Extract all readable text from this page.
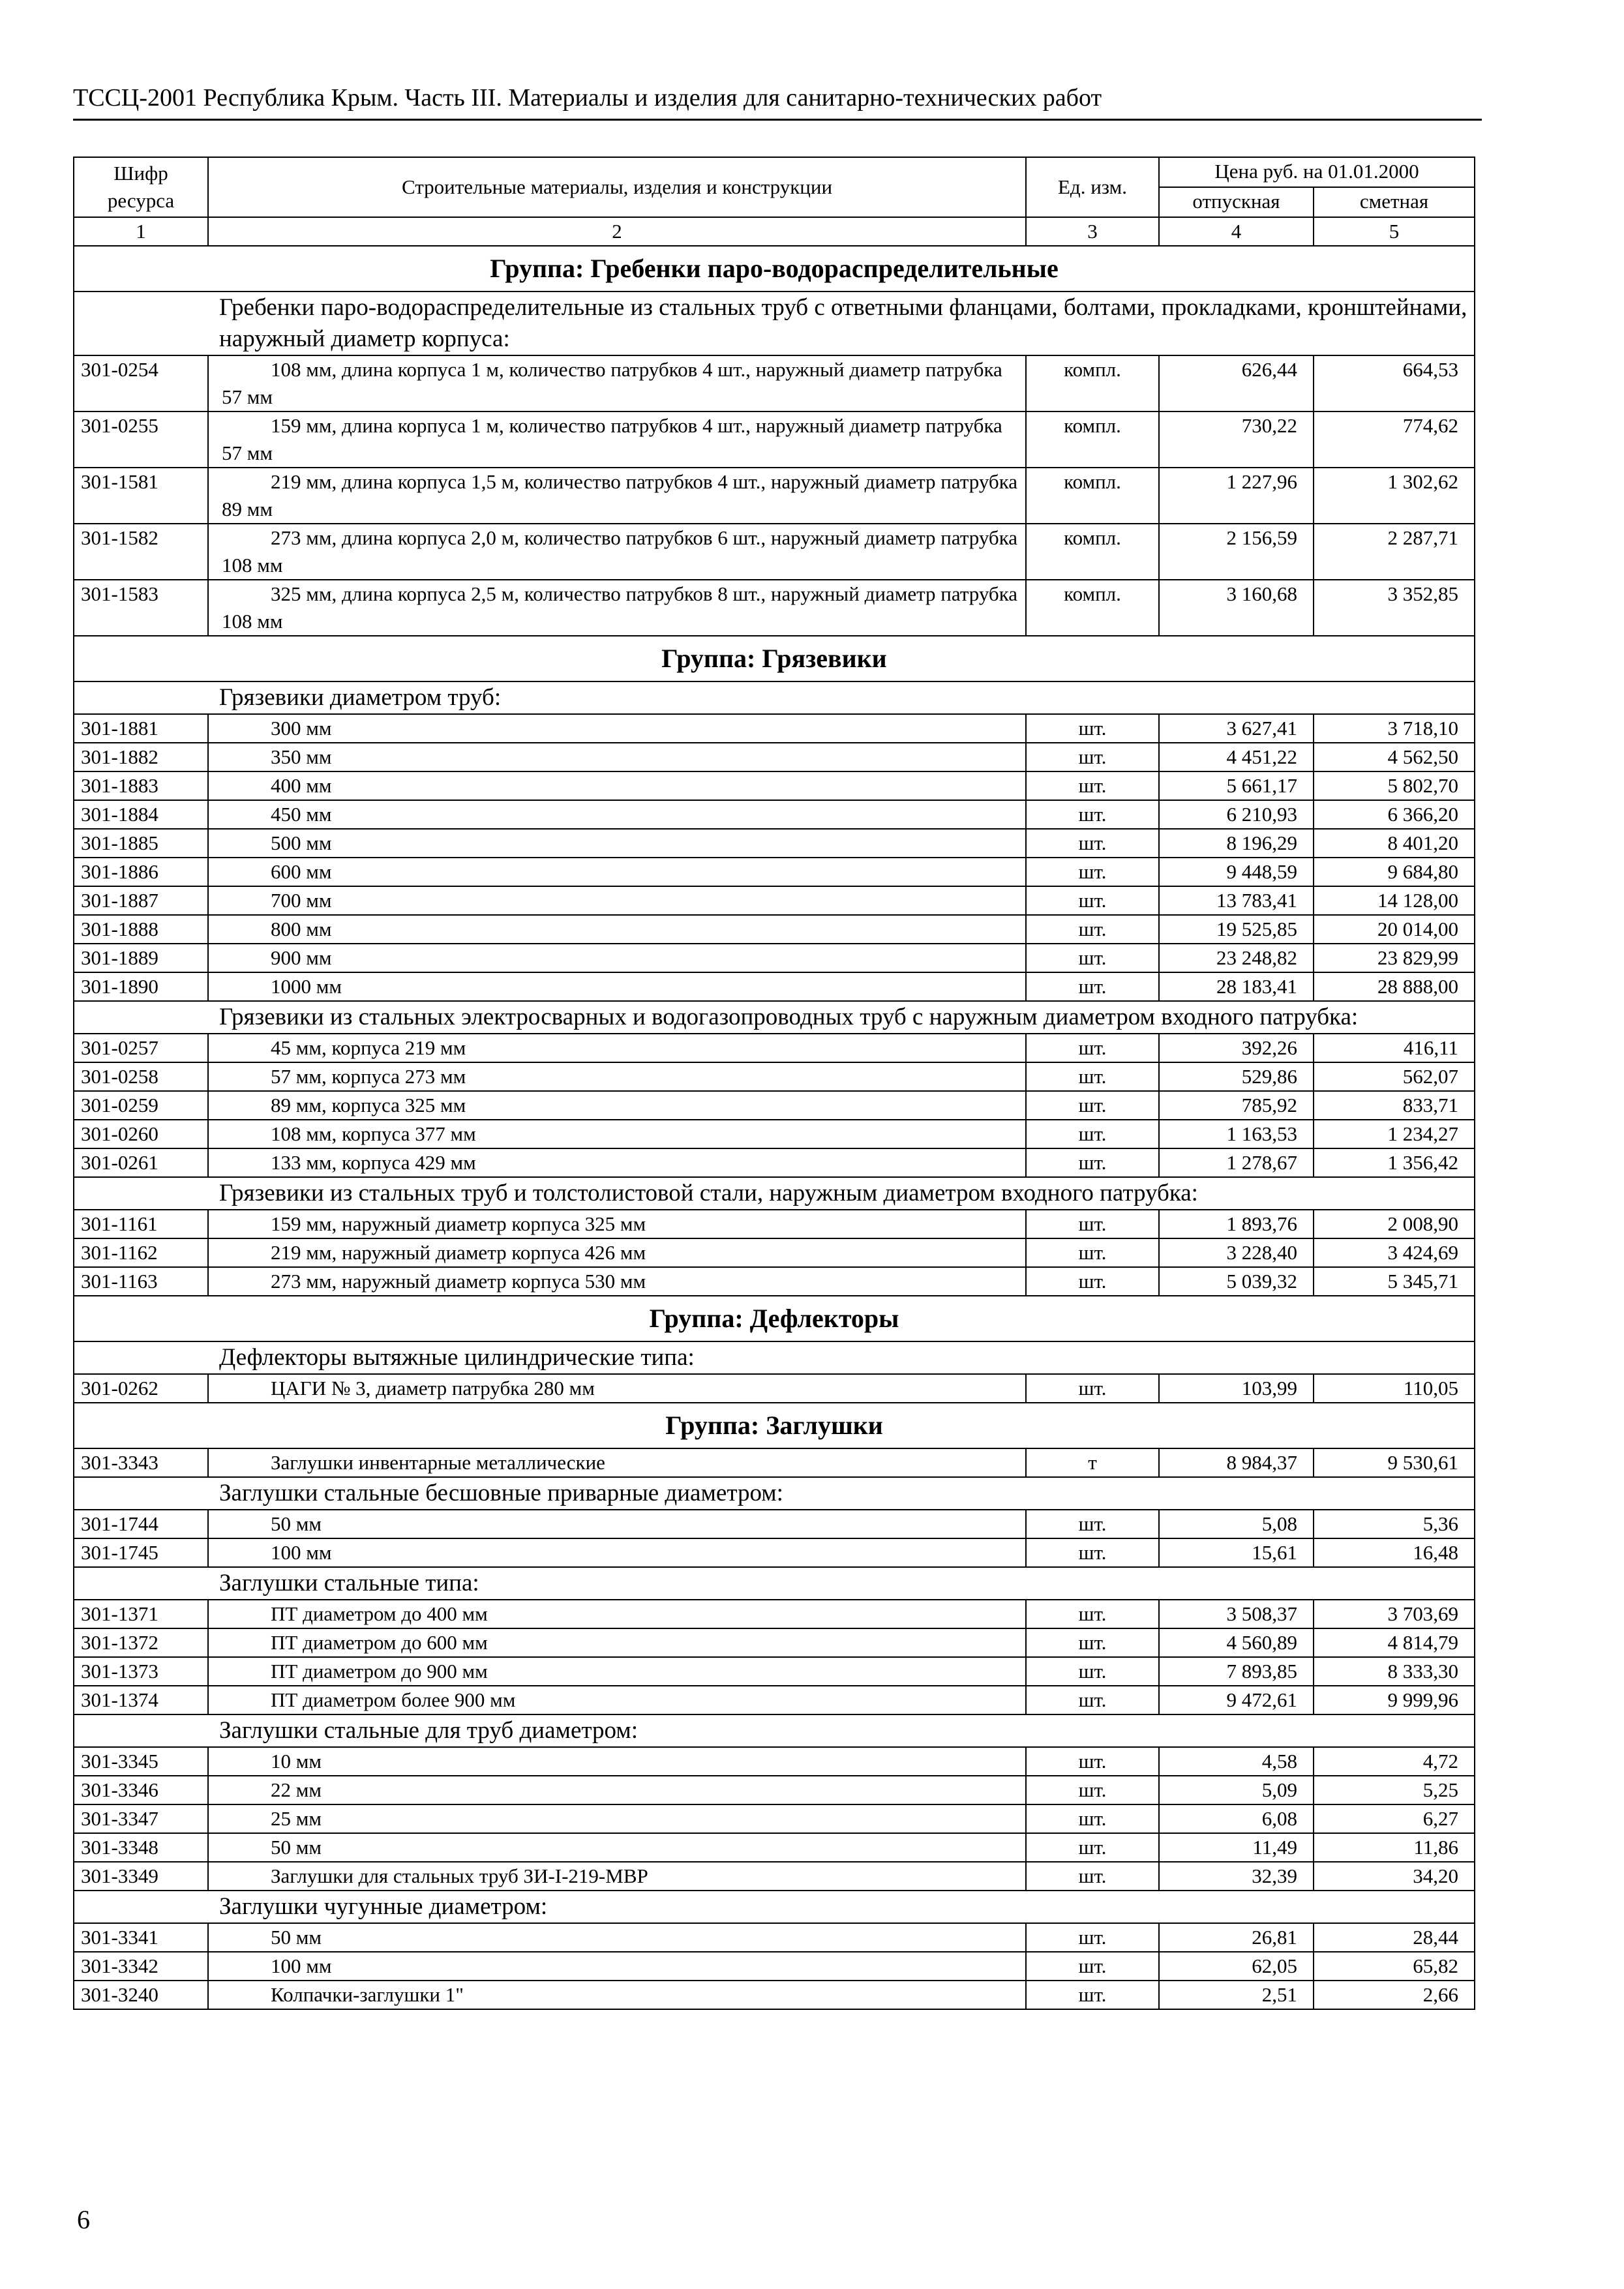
ТССЦ-2001 Республика Крым. Часть III. Материалы и изделия для санитарно-технических работ
Шифр ресурса	Строительные материалы, изделия и конструкции	Ед. изм.	Цена руб. на 01.01.2000	
			отпускная	сметная
1	2	3	4	5
Группа: Гребенки паро-водораспределительные				
Гребенки паро-водораспределительные из стальных труб с ответными фланцами, болтами, прокладками, кронштейнами, наружный диаметр корпуса:				
301-0254	108 мм, длина корпуса 1 м, количество патрубков 4 шт., наружный диаметр патрубка 57 мм	компл.	626,44	664,53
301-0255	159 мм, длина корпуса 1 м, количество патрубков 4 шт., наружный диаметр патрубка 57 мм	компл.	730,22	774,62
301-1581	219 мм, длина корпуса 1,5 м, количество патрубков 4 шт., наружный диаметр патрубка 89 мм	компл.	1 227,96	1 302,62
301-1582	273 мм, длина корпуса 2,0 м, количество патрубков 6 шт., наружный диаметр патрубка 108 мм	компл.	2 156,59	2 287,71
301-1583	325 мм, длина корпуса 2,5 м, количество патрубков 8 шт., наружный диаметр патрубка 108 мм	компл.	3 160,68	3 352,85
Группа: Грязевики				
Грязевики диаметром труб:				
301-1881	300 мм	шт.	3 627,41	3 718,10
301-1882	350 мм	шт.	4 451,22	4 562,50
301-1883	400 мм	шт.	5 661,17	5 802,70
301-1884	450 мм	шт.	6 210,93	6 366,20
301-1885	500 мм	шт.	8 196,29	8 401,20
301-1886	600 мм	шт.	9 448,59	9 684,80
301-1887	700 мм	шт.	13 783,41	14 128,00
301-1888	800 мм	шт.	19 525,85	20 014,00
301-1889	900 мм	шт.	23 248,82	23 829,99
301-1890	1000 мм	шт.	28 183,41	28 888,00
Грязевики из стальных электросварных и водогазопроводных труб с наружным диаметром входного патрубка:				
301-0257	45 мм, корпуса 219 мм	шт.	392,26	416,11
301-0258	57 мм, корпуса 273 мм	шт.	529,86	562,07
301-0259	89 мм, корпуса 325 мм	шт.	785,92	833,71
301-0260	108 мм, корпуса 377 мм	шт.	1 163,53	1 234,27
301-0261	133 мм, корпуса 429 мм	шт.	1 278,67	1 356,42
Грязевики из стальных труб и толстолистовой стали, наружным диаметром входного патрубка:				
301-1161	159 мм, наружный диаметр корпуса 325 мм	шт.	1 893,76	2 008,90
301-1162	219 мм, наружный диаметр корпуса 426 мм	шт.	3 228,40	3 424,69
301-1163	273 мм, наружный диаметр корпуса 530 мм	шт.	5 039,32	5 345,71
Группа: Дефлекторы				
Дефлекторы вытяжные цилиндрические типа:				
301-0262	ЦАГИ № 3, диаметр патрубка 280 мм	шт.	103,99	110,05
Группа: Заглушки				
301-3343	Заглушки инвентарные металлические	т	8 984,37	9 530,61
Заглушки стальные бесшовные приварные диаметром:				
301-1744	50 мм	шт.	5,08	5,36
301-1745	100 мм	шт.	15,61	16,48
Заглушки стальные типа:				
301-1371	ПТ диаметром до 400 мм	шт.	3 508,37	3 703,69
301-1372	ПТ диаметром до 600 мм	шт.	4 560,89	4 814,79
301-1373	ПТ диаметром до 900 мм	шт.	7 893,85	8 333,30
301-1374	ПТ диаметром более 900 мм	шт.	9 472,61	9 999,96
Заглушки стальные для труб диаметром:				
301-3345	10 мм	шт.	4,58	4,72
301-3346	22 мм	шт.	5,09	5,25
301-3347	25 мм	шт.	6,08	6,27
301-3348	50 мм	шт.	11,49	11,86
301-3349	Заглушки для стальных труб ЗИ-I-219-МВР	шт.	32,39	34,20
Заглушки чугунные диаметром:				
301-3341	50 мм	шт.	26,81	28,44
301-3342	100 мм	шт.	62,05	65,82
301-3240	Колпачки-заглушки 1"	шт.	2,51	2,66
6
